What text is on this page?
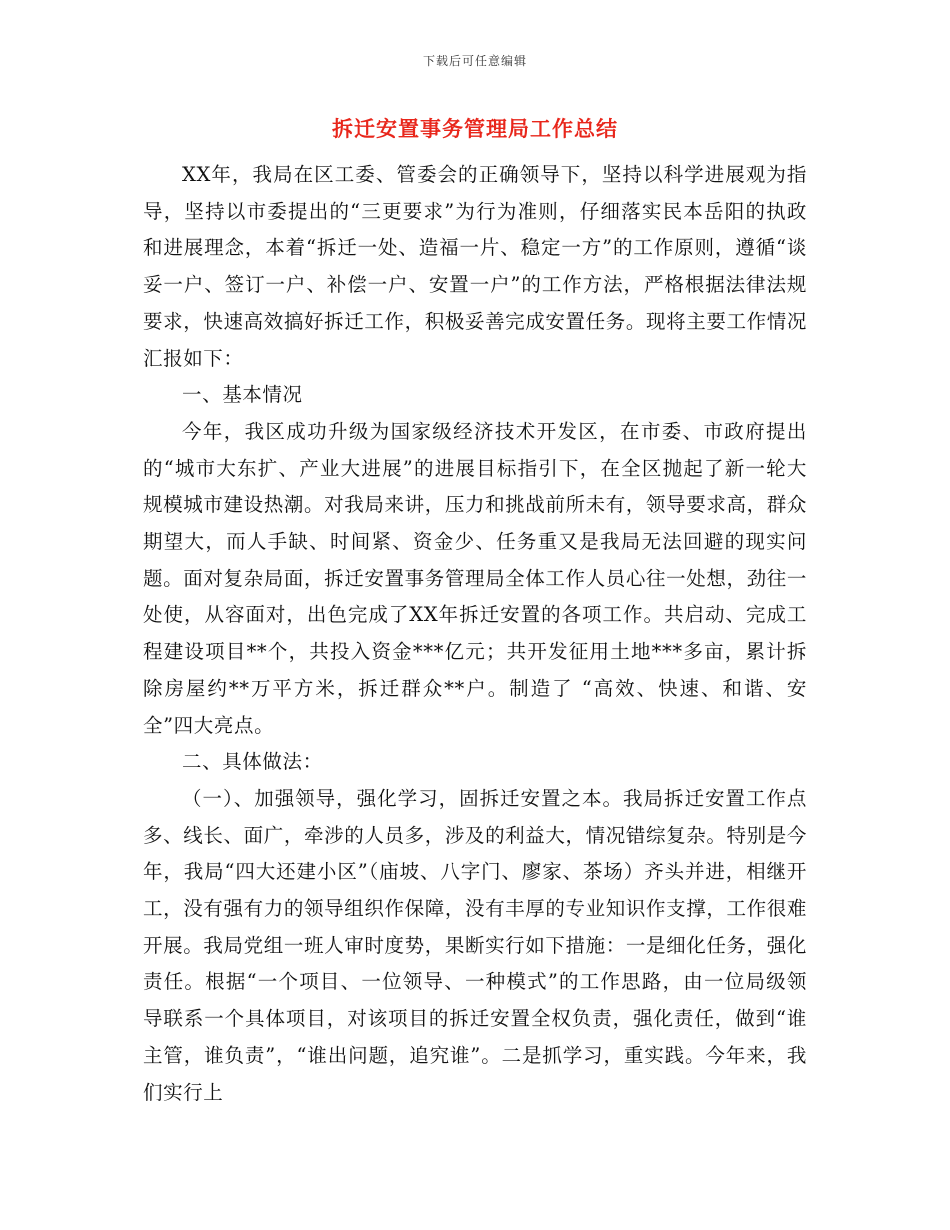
下载后可任意编辑
拆迁安置事务管理局工作总结

XX年，我局在区工委、管委会的正确领导下，坚持以科学进展观为指导，坚持以市委提出的“三更要求”为行为准则，仔细落实民本岳阳的执政和进展理念，本着“拆迁一处、造福一片、稳定一方”的工作原则，遵循“谈妥一户、签订一户、补偿一户、安置一户”的工作方法，严格根据法律法规要求，快速高效搞好拆迁工作，积极妥善完成安置任务。现将主要工作情况汇报如下：

一、基本情况

今年，我区成功升级为国家级经济技术开发区，在市委、市政府提出的“城市大东扩、产业大进展”的进展目标指引下，在全区抛起了新一轮大规模城市建设热潮。对我局来讲，压力和挑战前所未有，领导要求高，群众期望大，而人手缺、时间紧、资金少、任务重又是我局无法回避的现实问题。面对复杂局面，拆迁安置事务管理局全体工作人员心往一处想，劲往一处使，从容面对，出色完成了XX年拆迁安置的各项工作。共启动、完成工程建设项目**个，共投入资金***亿元；共开发征用土地***多亩，累计拆除房屋约**万平方米，拆迁群众**户。制造了 “高效、快速、和谐、安全”四大亮点。

二、具体做法：

（一）、加强领导，强化学习，固拆迁安置之本。我局拆迁安置工作点多、线长、面广，牵涉的人员多，涉及的利益大，情况错综复杂。特别是今年，我局“四大还建小区”（庙坡、八字门、廖家、茶场）齐头并进，相继开工，没有强有力的领导组织作保障，没有丰厚的专业知识作支撑，工作很难开展。我局党组一班人审时度势，果断实行如下措施：一是细化任务，强化责任。根据“一个项目、一位领导、一种模式”的工作思路，由一位局级领导联系一个具体项目，对该项目的拆迁安置全权负责，强化责任，做到“谁主管，谁负责”，“谁出问题，追究谁”。二是抓学习，重实践。今年来，我们实行上
